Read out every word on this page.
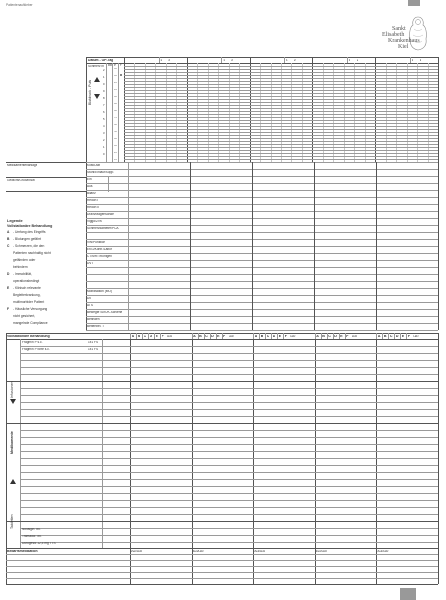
Patientenaufkleber
Sankt
Elisabeth
Krankenhaus
Kiel
Datum - OP-Tag
Schmerz in RR P T
Blutdruck - Puls
2
1
0
9
8
7
6
5
4
3
2
1
0
40
30
20
10
00
90
80
70
60
50
40
30
20
10
1 2	1 2	1 2	1 2	1 2
Medikamentenanlage
Gewicht/Größe/BMI
Kost/Diät
Stuhl/Einlauf/Supp.
Ein
Aus
Bilanz
Redon I
Redon II
Drain/Magensonde
Viggo/ZVK
Schmerzkatheter/PCA
VW/Punktion
EKG/Kontr./Labor
CT/MRT/Röntgen
DVT
Mobilisation (MO)
DS
ATS
Bewegte Sch./K-Schiene
Befinden
Bettenbel. T
Legende
Vollstationäre Behandlung
A - Umfang des Eingriffs
B - Blutungen gefährt
C - Schmerzen, die den
Patienten nachhaltig nicht
gefährden oder
behindern
D - Immobilität,
operationsbedingt
E - Klinisch relevante
Begleiterkrankung,
multimorbider Patient
F - Häusliche Versorgung
nicht gesichert,
mangelnde Compliance
Vollstationäre Behandlung	A B C D E F Hdz	A B C D E F Hdz	A B C D E F Hdz	A B C D E F Hdz	A B C D E F Hdz
Fragmin P s.c.	1x1 FS
Fragmin P forte s.c.	1x1 FS
Infusionen
Medikamente
Tabletten	Novalgin Tbl.
Tramadol Tbl.
Durogesic 12,5 mg TTS
Bedarfsmedikation	Zeit/Hdz	Zeit/Hdz	Zeit/Hdz	Zeit/Hdz	Zeit/Hdz
